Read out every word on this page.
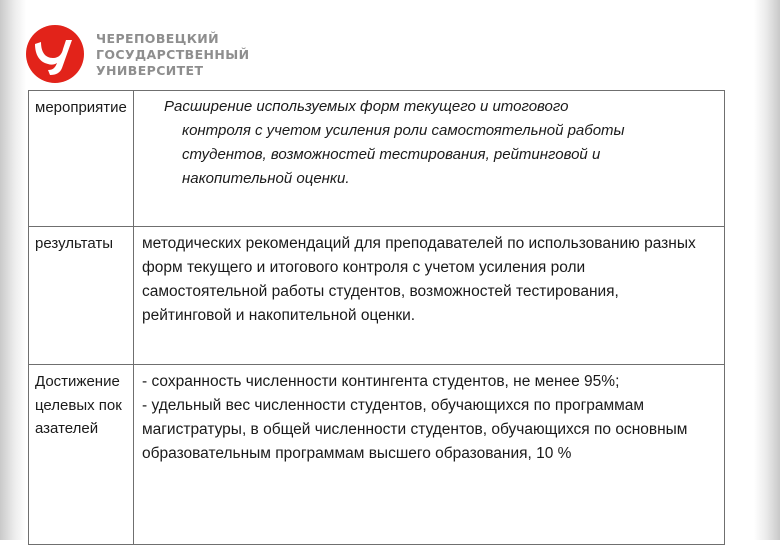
ЧЕРЕПОВЕЦКИЙ
ГОСУДАРСТВЕННЫЙ
УНИВЕРСИТЕТ
мероприятие	Расширение используемых форм текущего и итогового
контроля с учетом усиления роли самостоятельной работы студентов, возможностей тестирования, рейтинговой и накопительной оценки.

результаты	методических рекомендаций для преподавателей по использованию разных форм текущего и итогового контроля с учетом усиления роли самостоятельной работы студентов, возможностей тестирования, рейтинговой и накопительной оценки.

Достижение целевых показателей	- сохранность численности контингента студентов, не менее 95%;
- удельный вес численности студентов, обучающихся по программам магистратуры, в общей численности студентов, обучающихся по основным образовательным программам высшего образования, 10 %
